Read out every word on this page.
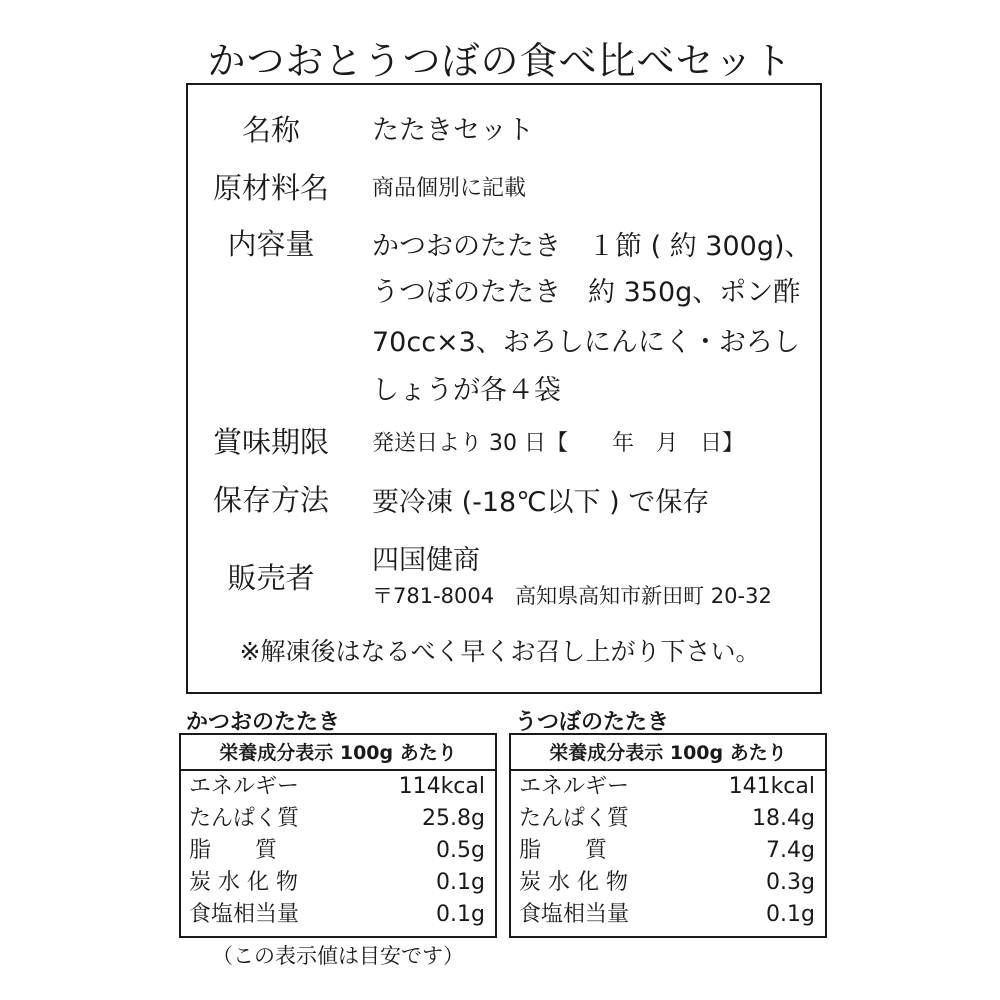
かつおとうつぼの食べ比べセット
名称	たたきセット
原材料名	商品個別に記載
内容量	かつおのたたき　１節 ( 約 300g)、
うつぼのたたき　約 350g、ポン酢
70cc×3、おろしにんにく・おろし
しょうが各４袋
賞味期限	発送日より 30 日【　　年　月　日】
保存方法	要冷凍 (-18℃以下 ) で保存
販売者
四国健商
〒781-8004　高知県高知市新田町 20-32
※解凍後はなるべく早くお召し上がり下さい。
かつおのたたき
栄養成分表示 100g あたり
エネルギー	114kcal
たんぱく質	25.8g
脂　　質	0.5g
炭 水 化 物	0.1g
食塩相当量	0.1g
うつぼのたたき
栄養成分表示 100g あたり
エネルギー	141kcal
たんぱく質	18.4g
脂　　質	7.4g
炭 水 化 物	0.3g
食塩相当量	0.1g
（この表示値は目安です）
